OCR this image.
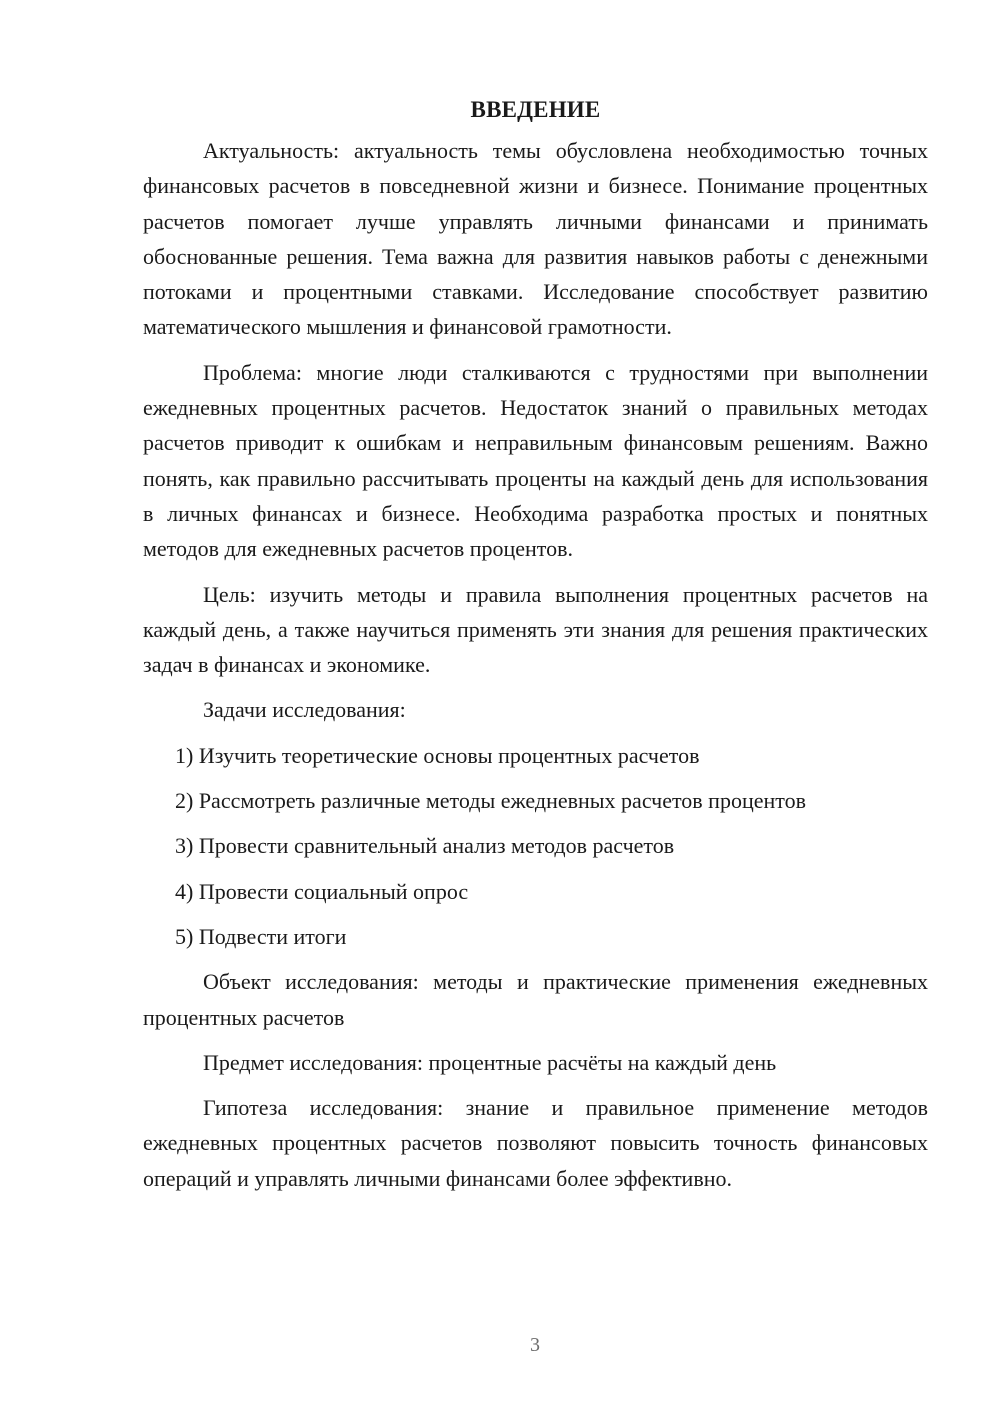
ВВЕДЕНИЕ

Актуальность: актуальность темы обусловлена необходимостью точных финансовых расчетов в повседневной жизни и бизнесе. Понимание процентных расчетов помогает лучше управлять личными финансами и принимать обоснованные решения. Тема важна для развития навыков работы с денежными потоками и процентными ставками. Исследование способствует развитию математического мышления и финансовой грамотности.

Проблема: многие люди сталкиваются с трудностями при выполнении ежедневных процентных расчетов. Недостаток знаний о правильных методах расчетов приводит к ошибкам и неправильным финансовым решениям. Важно понять, как правильно рассчитывать проценты на каждый день для использования в личных финансах и бизнесе. Необходима разработка простых и понятных методов для ежедневных расчетов процентов.

Цель: изучить методы и правила выполнения процентных расчетов на каждый день, а также научиться применять эти знания для решения практических задач в финансах и экономике.

Задачи исследования:

1) Изучить теоретические основы процентных расчетов
2) Рассмотреть различные методы ежедневных расчетов процентов
3) Провести сравнительный анализ методов расчетов
4) Провести социальный опрос
5) Подвести итоги

Объект исследования: методы и практические применения ежедневных процентных расчетов

Предмет исследования: процентные расчёты на каждый день

Гипотеза исследования: знание и правильное применение методов ежедневных процентных расчетов позволяют повысить точность финансовых операций и управлять личными финансами более эффективно.

3
